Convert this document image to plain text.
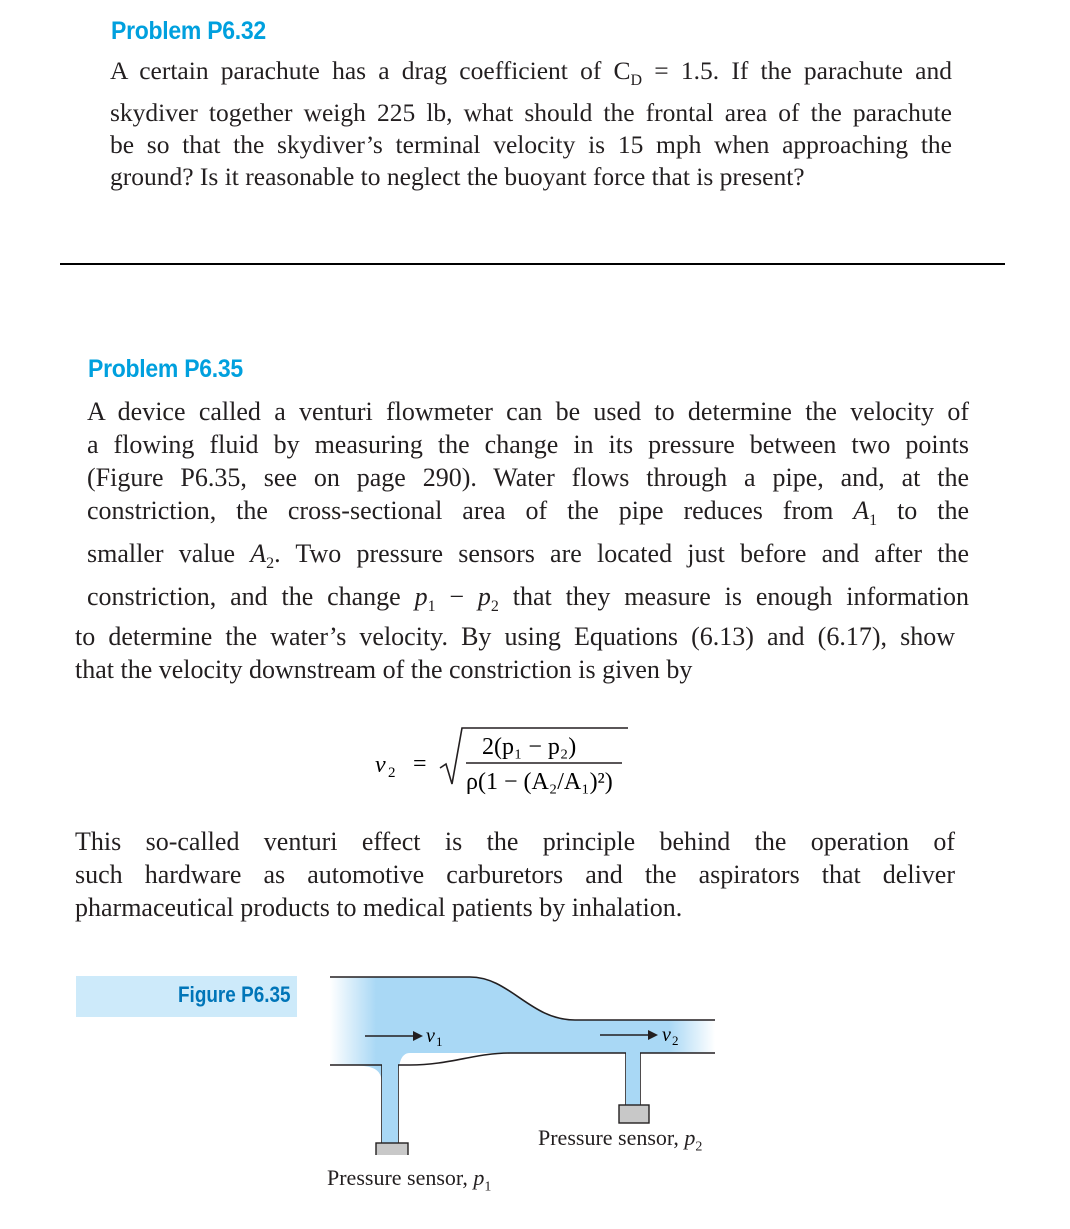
Problem P6.32
A certain parachute has a drag coefficient of $C_D = 1.5$. If the parachute and
skydiver together weigh 225 lb, what should the frontal area of the parachute
be so that the skydiver’s terminal velocity is 15 mph when approaching the
ground? Is it reasonable to neglect the buoyant force that is present?
Problem P6.35
A device called a venturi flowmeter can be used to determine the velocity of
a flowing fluid by measuring the change in its pressure between two points
(Figure P6.35, see on page 290). Water flows through a pipe, and, at the
constriction, the cross-sectional area of the pipe reduces from $A_1$ to the
smaller value $A_2$. Two pressure sensors are located just before and after the
constriction, and the change $p_1 - p_2$ that they measure is enough information
to determine the water’s velocity. By using Equations (6.13) and (6.17), show
that the velocity downstream of the constriction is given by
v 2 =
2(p₁ − p₂)
ρ(1 − (A₂/A₁)²)
This so-called venturi effect is the principle behind the operation of
such hardware as automotive carburetors and the aspirators that deliver
pharmaceutical products to medical patients by inhalation.
Figure P6.35
v 1	v 2
Pressure sensor, $p_2$
Pressure sensor, $p_1$
